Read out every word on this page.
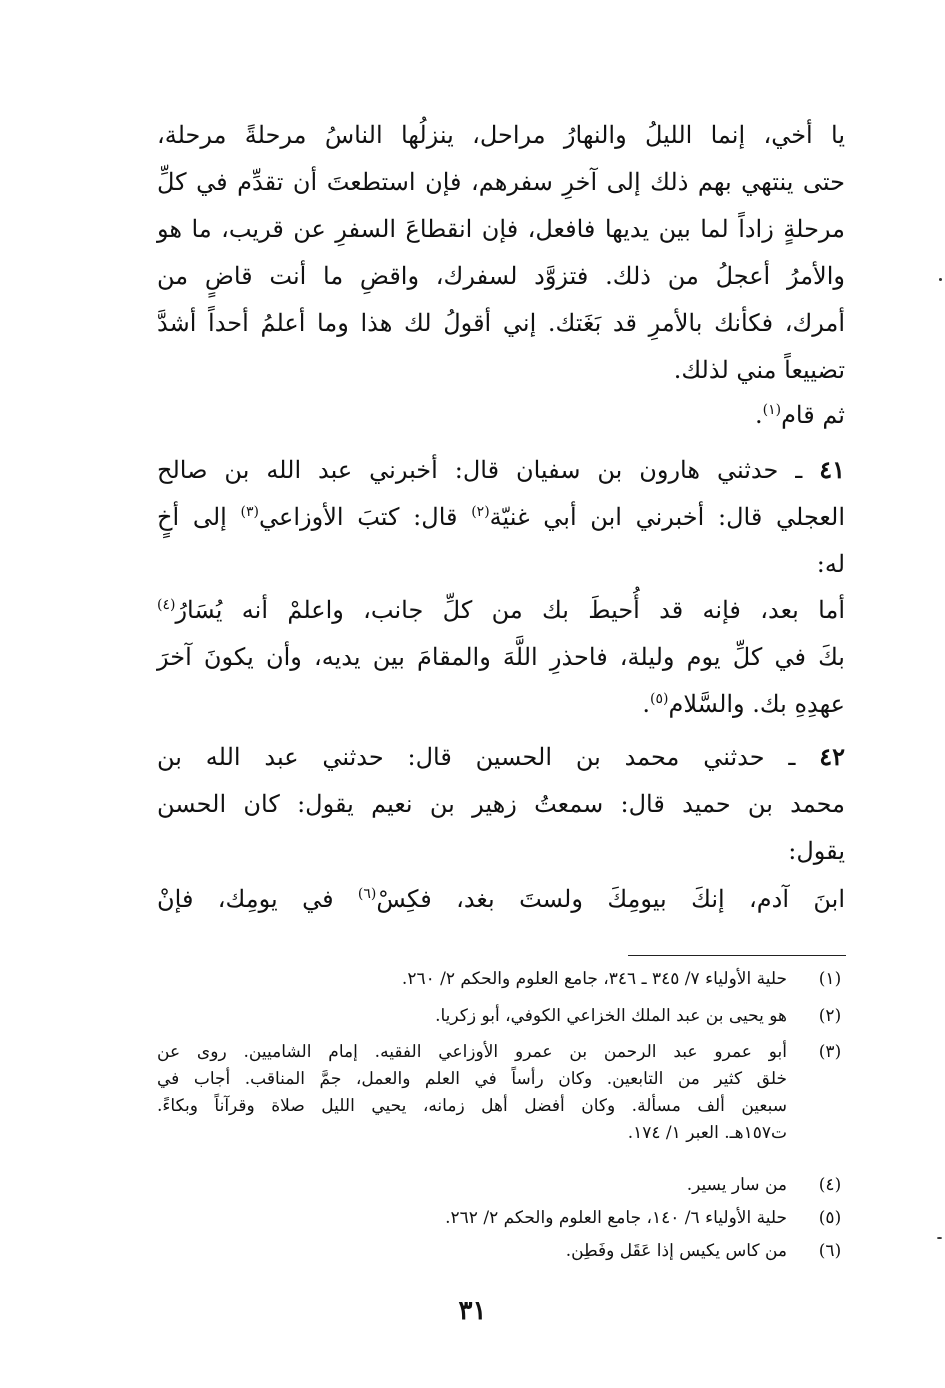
يا أخي، إنما الليلُ والنهارُ مراحل، ينزلُها الناسُ مرحلةً مرحلة،
حتى ينتهي بهم ذلك إلى آخرِ سفرهم، فإن استطعتَ أن تقدِّم في كلِّ
مرحلةٍ زاداً لما بين يديها فافعل، فإن انقطاعَ السفرِ عن قريب، ما هو
والأمرُ أعجلُ من ذلك. فتزوَّد لسفرك، واقضِ ما أنت قاضٍ من
أمرك، فكأنك بالأمرِ قد بَغَتك. إني أقولُ لك هذا وما أعلمُ أحداً أشدَّ
تضييعاً مني لذلك.
ثم قام$^{(١)}$.
٤١ ـ حدثني هارون بن سفيان قال: أخبرني عبد الله بن صالح
العجلي قال: أخبرني ابن أبي غنيّة$^{(٢)}$ قال: كتبَ الأوزاعي$^{(٣)}$ إلى أخٍ
له:
أما بعد، فإنه قد أُحيطَ بك من كلِّ جانب، واعلمْ أنه يُسَارُ$^{(٤)}$
بكَ في كلِّ يوم وليلة، فاحذرِ اللَّهَ والمقامَ بين يديه، وأن يكونَ آخرَ
عهدِهِ بك. والسَّلام$^{(٥)}$.
٤٢ ـ حدثني محمد بن الحسين قال: حدثني عبد الله بن
محمد بن حميد قال: سمعتُ زهير بن نعيم يقول: كان الحسن
يقول:
ابنَ آدم، إنكَ بيومِكَ ولستَ بغد، فكِسْ$^{(٦)}$ في يومِك، فإنْ
(١)
حلية الأولياء ٧/ ٣٤٥ ـ ٣٤٦، جامع العلوم والحكم ٢/ ٢٦٠.
(٢)
هو يحيى بن عبد الملك الخزاعي الكوفي، أبو زكريا.
(٣)
أبو عمرو عبد الرحمن بن عمرو الأوزاعي الفقيه. إمام الشاميين. روى عن
خلق كثير من التابعين. وكان رأساً في العلم والعمل، جمَّ المناقب. أجاب في
سبعين ألف مسألة. وكان أفضل أهل زمانه، يحيي الليل صلاة وقرآناً وبكاءً.
ت١٥٧هـ. العبر ١/ ١٧٤.
(٤)
من سار يسير.
(٥)
حلية الأولياء ٦/ ١٤٠، جامع العلوم والحكم ٢/ ٢٦٢.
(٦)
من كاس يكيس إذا عَقَل وفَطِن.
٣١
